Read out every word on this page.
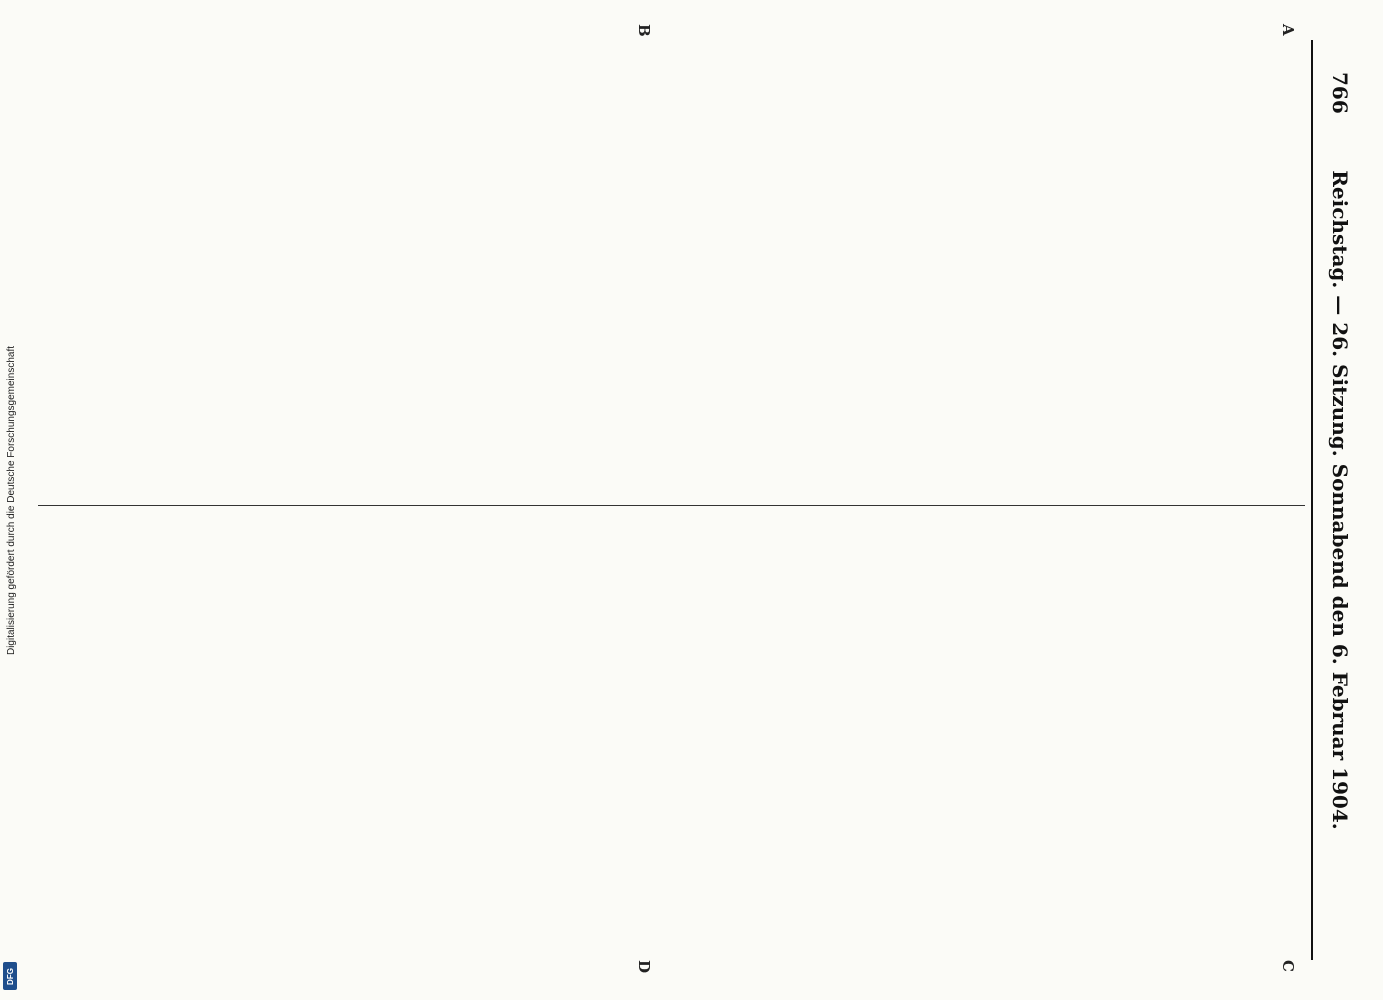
766
Reichstag. — 26. Sitzung. Sonnabend den 6. Februar 1904.
A
B
C
D
Digitalisierung gefördert durch die Deutsche Forschungsgemeinschaft
DFG
